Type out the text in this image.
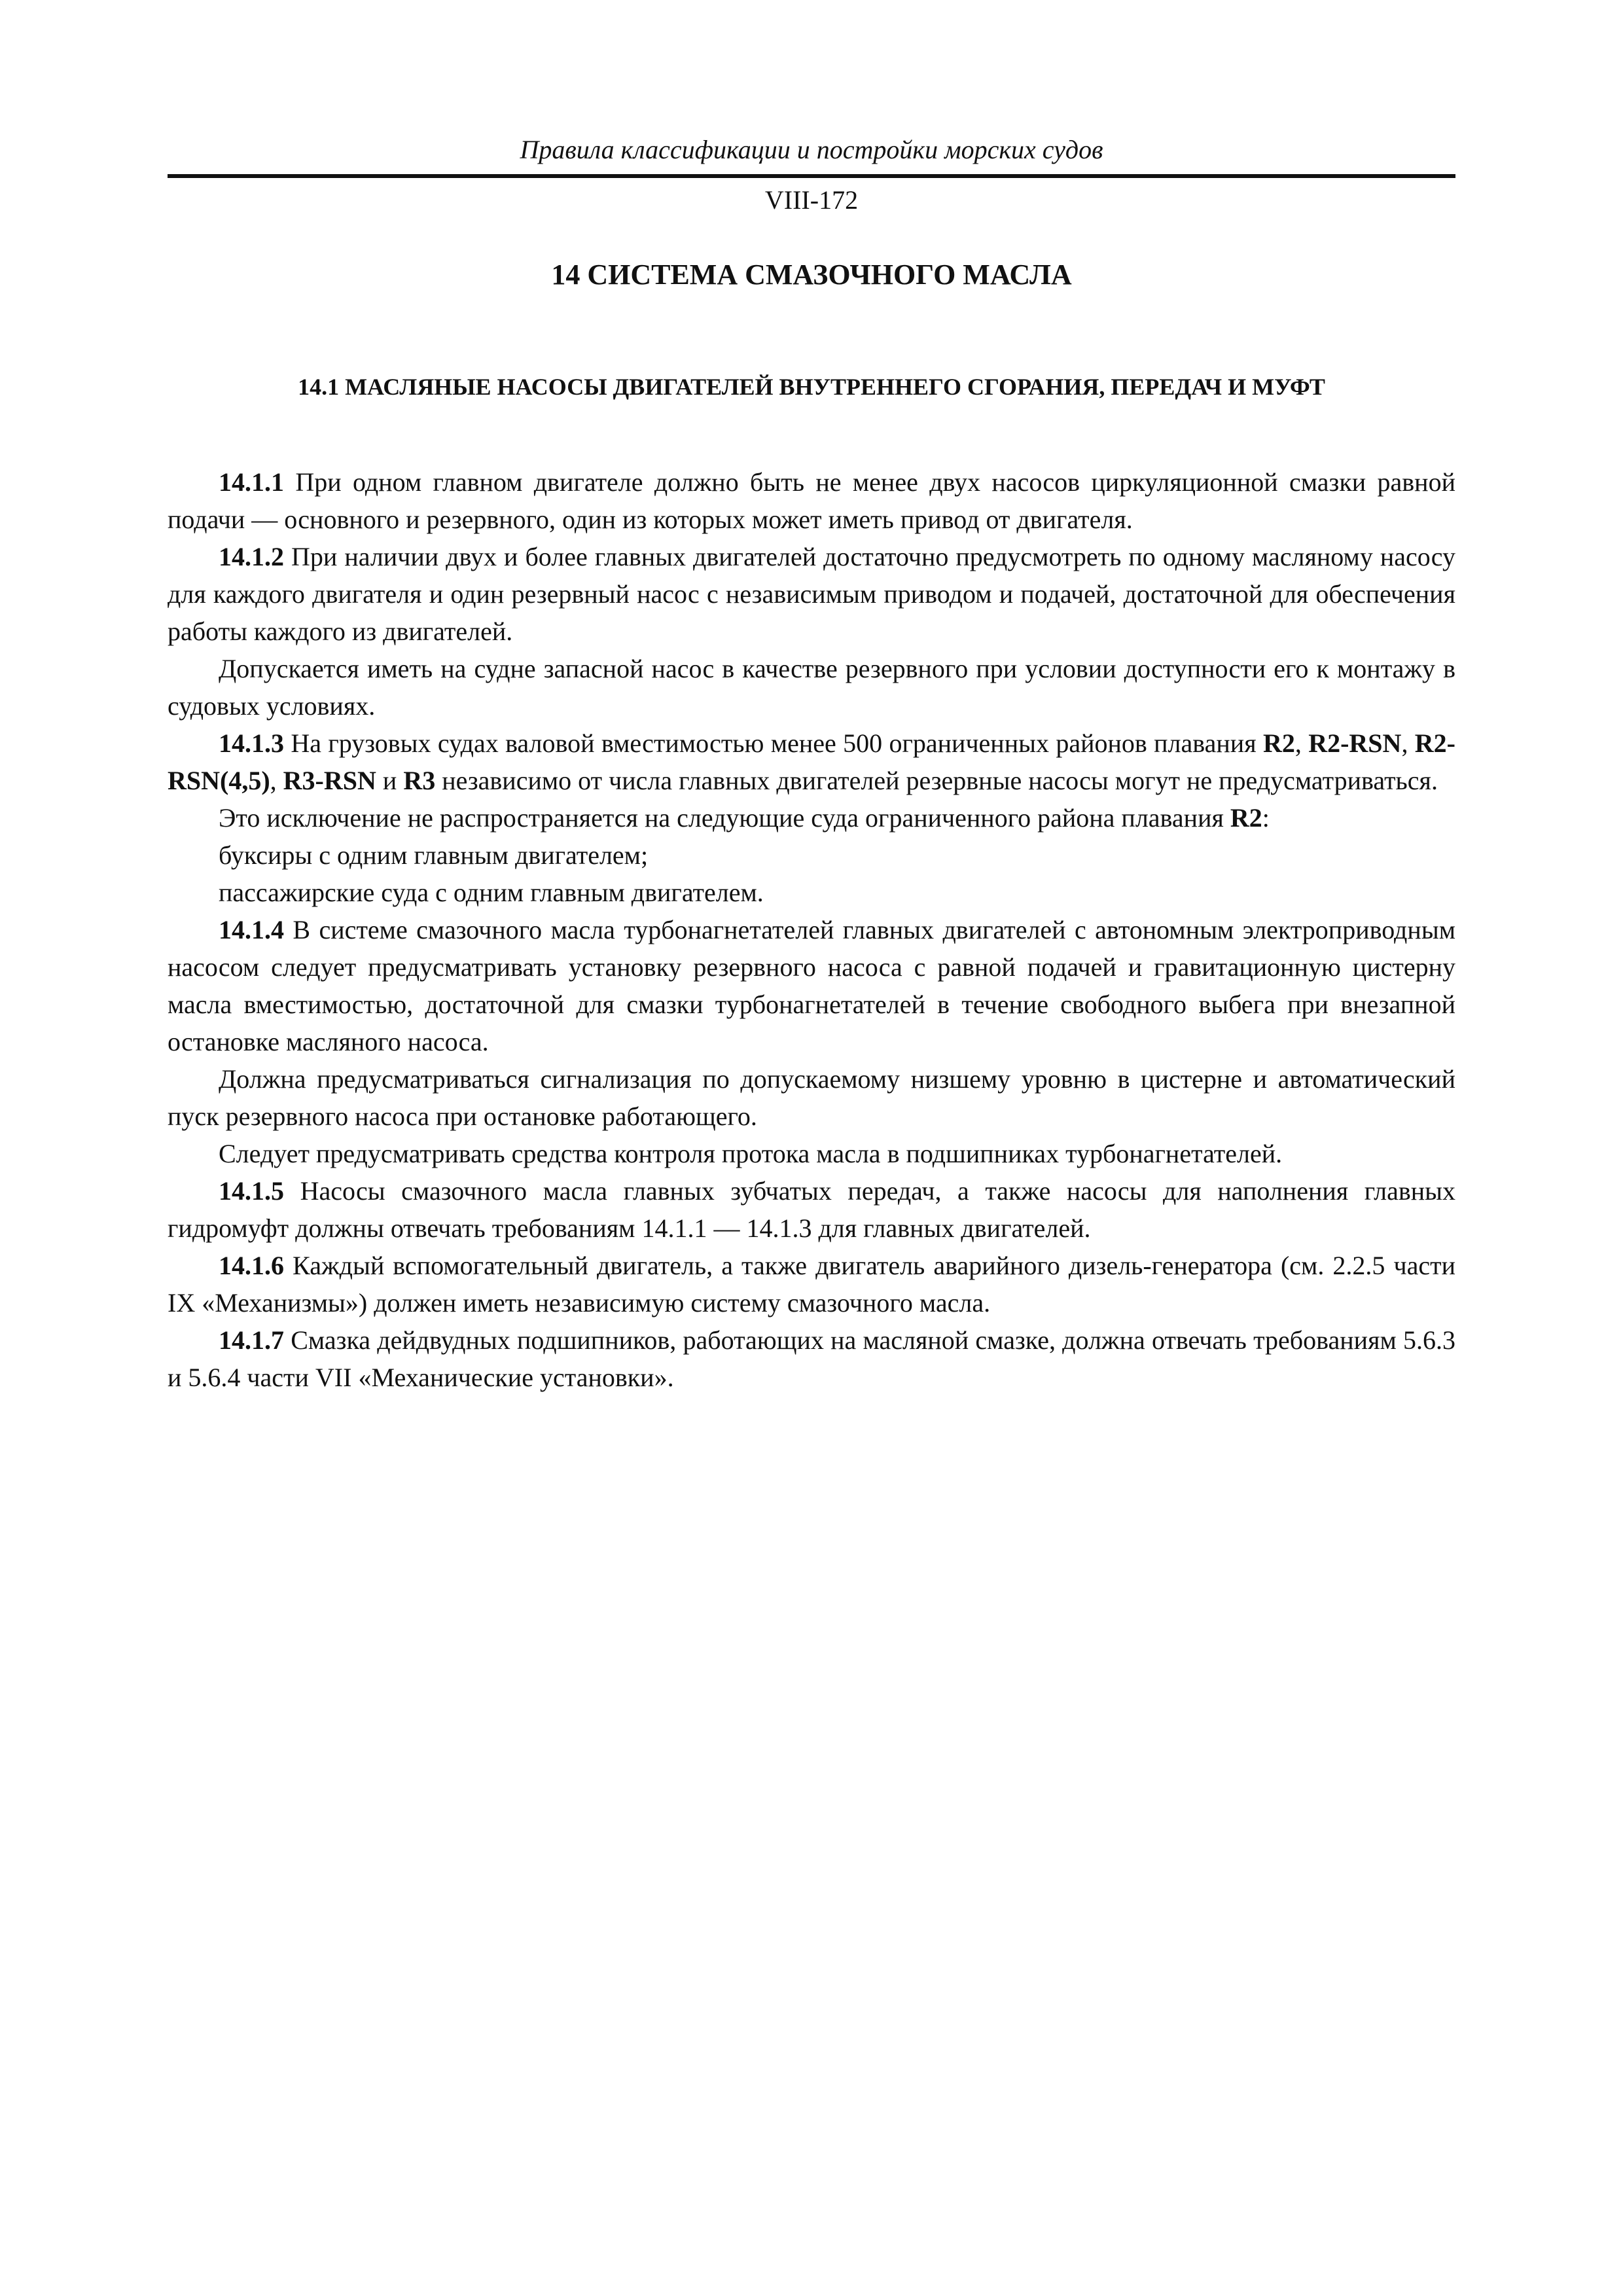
Правила классификации и постройки морских судов
VIII-172
14 СИСТЕМА СМАЗОЧНОГО МАСЛА
14.1 МАСЛЯНЫЕ НАСОСЫ ДВИГАТЕЛЕЙ ВНУТРЕННЕГО СГОРАНИЯ, ПЕРЕДАЧ И МУФТ

14.1.1 При одном главном двигателе должно быть не менее двух насосов циркуляционной смазки равной подачи — основного и резервного, один из которых может иметь привод от двигателя.

14.1.2 При наличии двух и более главных двигателей достаточно предусмотреть по одному масляному насосу для каждого двигателя и один резервный насос с независимым приводом и подачей, достаточной для обеспечения работы каждого из двигателей.

Допускается иметь на судне запасной насос в качестве резервного при условии доступности его к монтажу в судовых условиях.

14.1.3 На грузовых судах валовой вместимостью менее 500 ограниченных районов плавания R2, R2-RSN, R2-RSN(4,5), R3-RSN и R3 независимо от числа главных двигателей резервные насосы могут не предусматриваться.

Это исключение не распространяется на следующие суда ограниченного района плавания R2:

буксиры с одним главным двигателем;

пассажирские суда с одним главным двигателем.

14.1.4 В системе смазочного масла турбонагнетателей главных двигателей с автономным электроприводным насосом следует предусматривать установку резервного насоса с равной подачей и гравитационную цистерну масла вместимостью, достаточной для смазки турбонагнетателей в течение свободного выбега при внезапной остановке масляного насоса.

Должна предусматриваться сигнализация по допускаемому низшему уровню в цистерне и автоматический пуск резервного насоса при остановке работающего.

Следует предусматривать средства контроля протока масла в подшипниках турбонагнетателей.

14.1.5 Насосы смазочного масла главных зубчатых передач, а также насосы для наполнения главных гидромуфт должны отвечать требованиям 14.1.1 — 14.1.3 для главных двигателей.

14.1.6 Каждый вспомогательный двигатель, а также двигатель аварийного дизель-генератора (см. 2.2.5 части IX «Механизмы») должен иметь независимую систему смазочного масла.

14.1.7 Смазка дейдвудных подшипников, работающих на масляной смазке, должна отвечать требованиям 5.6.3 и 5.6.4 части VII «Механические установки».
